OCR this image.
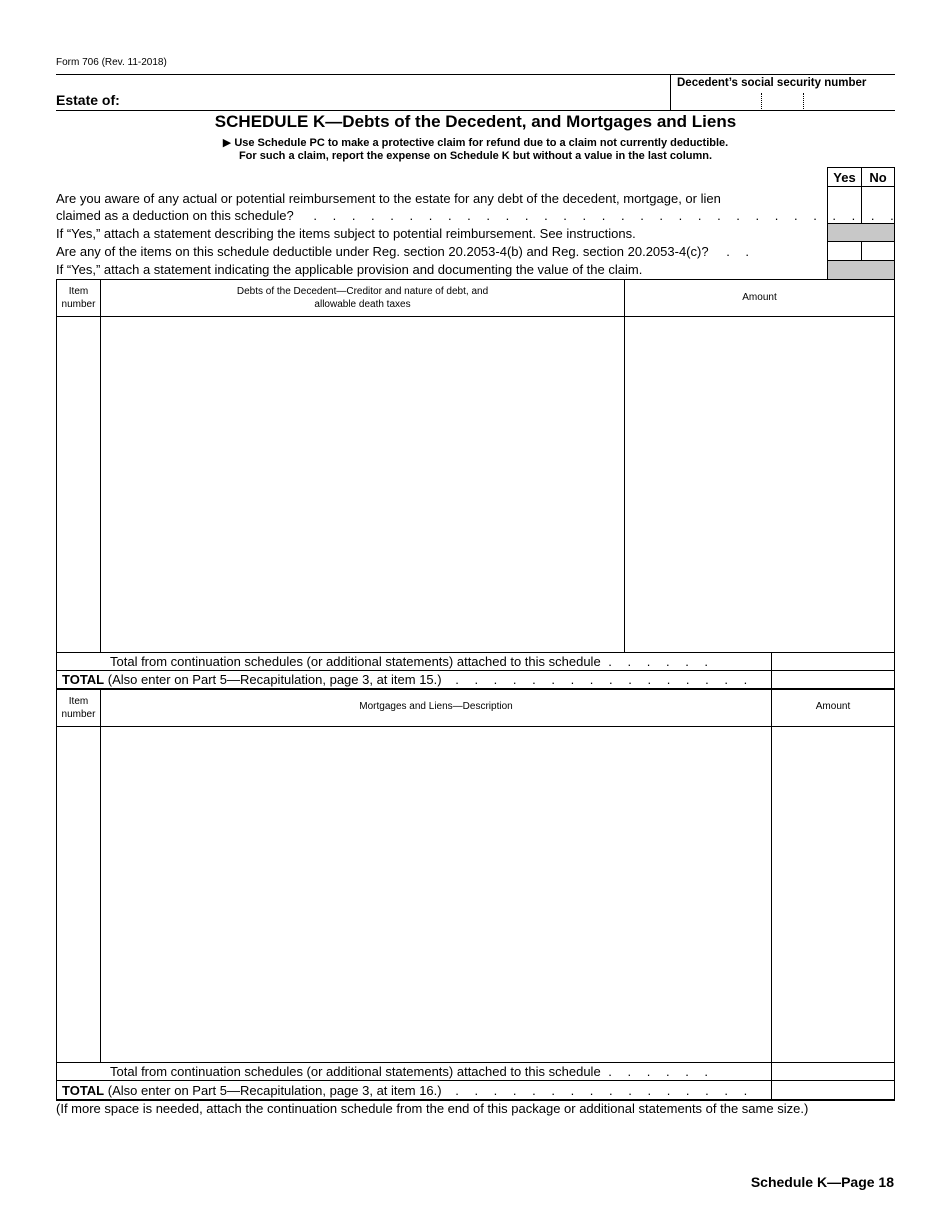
Form 706 (Rev. 11-2018)
Estate of:
Decedent’s social security number
SCHEDULE K—Debts of the Decedent, and Mortgages and Liens
▶ Use Schedule PC to make a protective claim for refund due to a claim not currently deductible.
For such a claim, report the expense on Schedule K but without a value in the last column.
Yes	No
Are you aware of any actual or potential reimbursement to the estate for any debt of the decedent, mortgage, or lien
claimed as a deduction on this schedule? . . . . . . . . . . . . . . . . . . . . . . . . . . . . . . .
If “Yes,” attach a statement describing the items subject to potential reimbursement. See instructions.
Are any of the items on this schedule deductible under Reg. section 20.2053-4(b) and Reg. section 20.2053-4(c)? . .
If “Yes,” attach a statement indicating the applicable provision and documenting the value of the claim.
Item number
Debts of the Decedent—Creditor and nature of debt, and
allowable death taxes
Amount
Total from continuation schedules (or additional statements) attached to this schedule . . . . . .
TOTAL (Also enter on Part 5—Recapitulation, page 3, at item 15.) . . . . . . . . . . . . . . . .
Item number
Mortgages and Liens—Description	Amount
Total from continuation schedules (or additional statements) attached to this schedule . . . . . .
TOTAL (Also enter on Part 5—Recapitulation, page 3, at item 16.) . . . . . . . . . . . . . . . .
(If more space is needed, attach the continuation schedule from the end of this package or additional statements of the same size.)
Schedule K—Page 18
